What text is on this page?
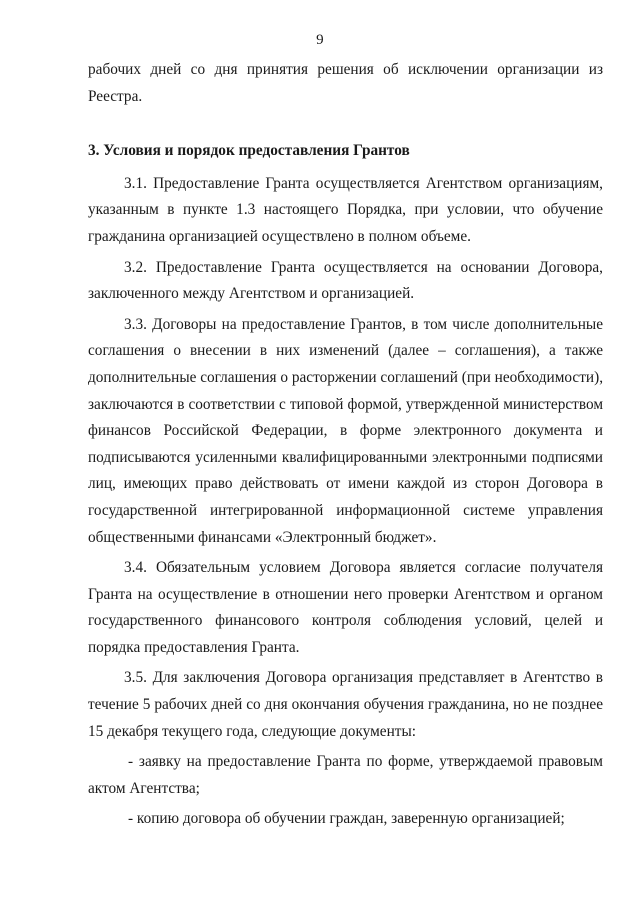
9

рабочих дней со дня принятия решения об исключении организации из Реестра.

3. Условия и порядок предоставления Грантов

3.1. Предоставление Гранта осуществляется Агентством организациям, указанным в пункте 1.3 настоящего Порядка, при условии, что обучение гражданина организацией осуществлено в полном объеме.

3.2. Предоставление Гранта осуществляется на основании Договора, заключенного между Агентством и организацией.

3.3. Договоры на предоставление Грантов, в том числе дополнительные соглашения о внесении в них изменений (далее – соглашения), а также дополнительные соглашения о расторжении соглашений (при необходимости), заключаются в соответствии с типовой формой, утвержденной министерством финансов Российской Федерации, в форме электронного документа и подписываются усиленными квалифицированными электронными подписями лиц, имеющих право действовать от имени каждой из сторон Договора в государственной интегрированной информационной системе управления общественными финансами «Электронный бюджет».

3.4. Обязательным условием Договора является согласие получателя Гранта на осуществление в отношении него проверки Агентством и органом государственного финансового контроля соблюдения условий, целей и порядка предоставления Гранта.

3.5. Для заключения Договора организация представляет в Агентство в течение 5 рабочих дней со дня окончания обучения гражданина, но не позднее 15 декабря текущего года, следующие документы:

- заявку на предоставление Гранта по форме, утверждаемой правовым актом Агентства;

- копию договора об обучении граждан, заверенную организацией;
